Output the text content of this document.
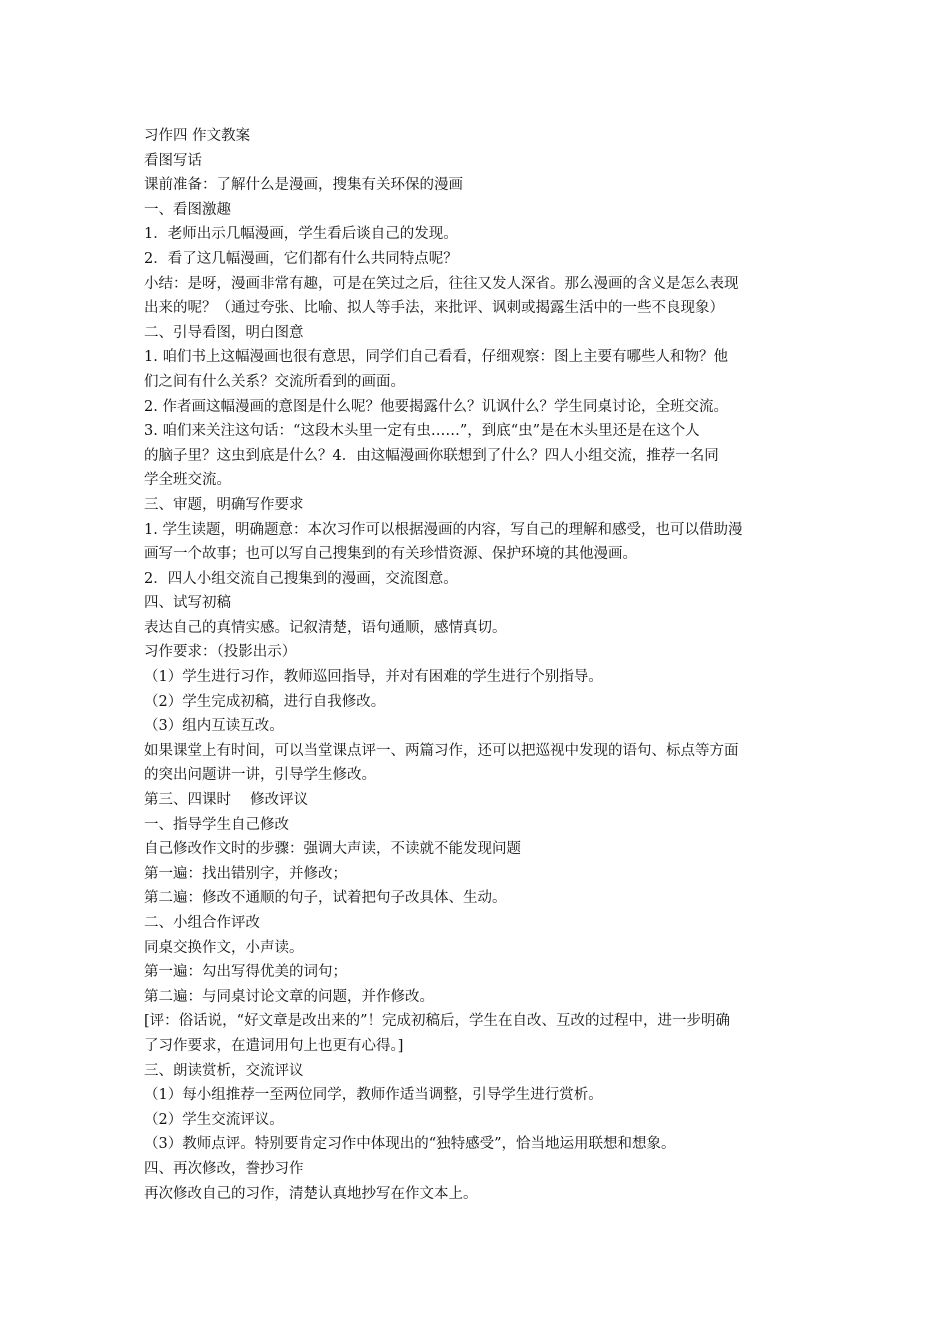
习作四 作文教案
看图写话
课前准备：了解什么是漫画，搜集有关环保的漫画
一、看图激趣
1．老师出示几幅漫画，学生看后谈自己的发现。
2．看了这几幅漫画，它们都有什么共同特点呢？
小结：是呀，漫画非常有趣，可是在笑过之后，往往又发人深省。那么漫画的含义是怎么表现
出来的呢？（通过夸张、比喻、拟人等手法，来批评、讽刺或揭露生活中的一些不良现象）
二、引导看图，明白图意
1. 咱们书上这幅漫画也很有意思，同学们自己看看，仔细观察：图上主要有哪些人和物？他
们之间有什么关系？交流所看到的画面。
2. 作者画这幅漫画的意图是什么呢？他要揭露什么？讥讽什么？学生同桌讨论，全班交流。
3. 咱们来关注这句话：“这段木头里一定有虫……”，到底“虫”是在木头里还是在这个人
的脑子里？这虫到底是什么？4．由这幅漫画你联想到了什么？四人小组交流，推荐一名同
学全班交流。
三、审题，明确写作要求
1. 学生读题，明确题意：本次习作可以根据漫画的内容，写自己的理解和感受，也可以借助漫
画写一个故事；也可以写自己搜集到的有关珍惜资源、保护环境的其他漫画。
2．四人小组交流自己搜集到的漫画，交流图意。
四、试写初稿
表达自己的真情实感。记叙清楚，语句通顺，感情真切。
习作要求：（投影出示）
（1）学生进行习作，教师巡回指导，并对有困难的学生进行个别指导。
（2）学生完成初稿，进行自我修改。
（3）组内互读互改。
如果课堂上有时间，可以当堂课点评一、两篇习作，还可以把巡视中发现的语句、标点等方面
的突出问题讲一讲，引导学生修改。
第三、四课时　 修改评议
一、指导学生自己修改
自己修改作文时的步骤：强调大声读，不读就不能发现问题
第一遍：找出错别字，并修改；
第二遍：修改不通顺的句子，试着把句子改具体、生动。
二、小组合作评改
同桌交换作文，小声读。
第一遍：勾出写得优美的词句；
第二遍：与同桌讨论文章的问题，并作修改。
[评：俗话说，“好文章是改出来的”！完成初稿后，学生在自改、互改的过程中，进一步明确
了习作要求，在遣词用句上也更有心得。]
三、朗读赏析，交流评议
（1）每小组推荐一至两位同学，教师作适当调整，引导学生进行赏析。
（2）学生交流评议。
（3）教师点评。特别要肯定习作中体现出的“独特感受”，恰当地运用联想和想象。
四、再次修改，誊抄习作
再次修改自己的习作，清楚认真地抄写在作文本上。
